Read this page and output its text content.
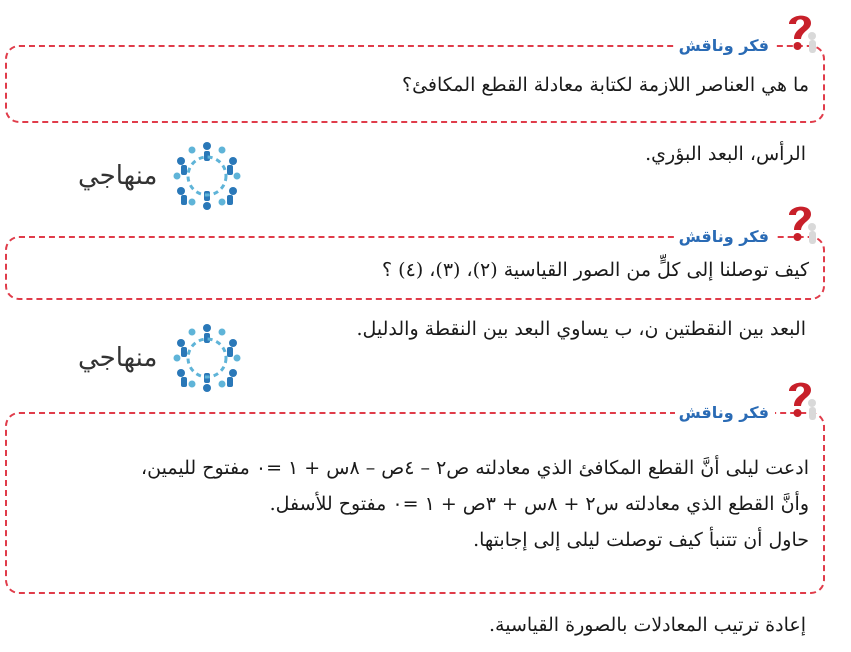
فكر وناقش
ما هي العناصر اللازمة لكتابة معادلة القطع المكافئ؟
الرأس، البعد البؤري.
منهاجي
فكر وناقش
كيف توصلنا إلى كلٍّ من الصور القياسية (٢)، (٣)، (٤) ؟
البعد بين النقطتين ن، ب يساوي البعد بين النقطة والدليل.
منهاجي
فكر وناقش
ادعت ليلى أنَّ القطع المكافئ الذي معادلته ص٢ – ٤ص – ٨س + ١ =٠ مفتوح لليمين،
وأنَّ القطع الذي معادلته س٢ + ٨س + ٣ص + ١ =٠ مفتوح للأسفل.
حاول أن تتنبأ كيف توصلت ليلى إلى إجابتها.
إعادة ترتيب المعادلات بالصورة القياسية.
